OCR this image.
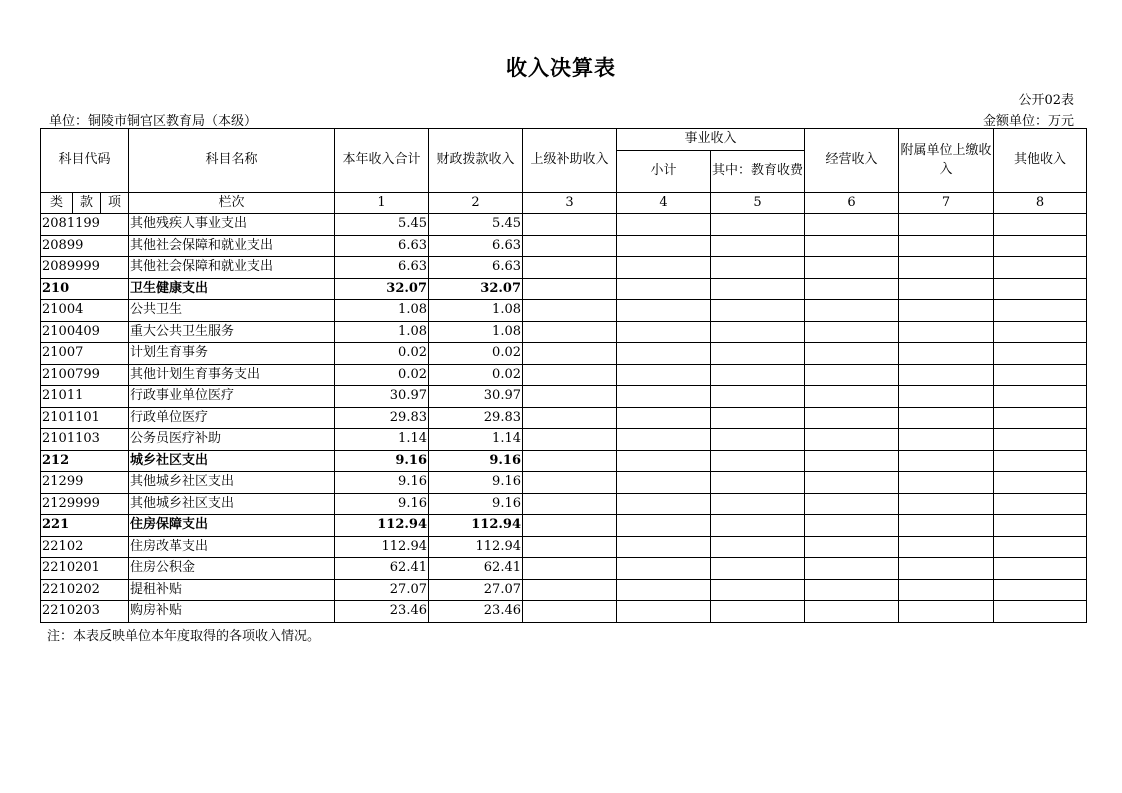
收入决算表
公开02表
单位：铜陵市铜官区教育局（本级）	金额单位：万元
科目代码			科目名称	本年收入合计	财政拨款收入	上级补助收入	事业收入		经营收入	附属单位上缴收入	其他收入
							小计	其中：教育收费			
类	款	项	栏次	1	2	3	4	5	6	7	8
2081199			其他残疾人事业支出	5.45	5.45						
20899			其他社会保障和就业支出	6.63	6.63						
2089999			其他社会保障和就业支出	6.63	6.63						
210			卫生健康支出	32.07	32.07						
21004			公共卫生	1.08	1.08						
2100409			重大公共卫生服务	1.08	1.08						
21007			计划生育事务	0.02	0.02						
2100799			其他计划生育事务支出	0.02	0.02						
21011			行政事业单位医疗	30.97	30.97						
2101101			行政单位医疗	29.83	29.83						
2101103			公务员医疗补助	1.14	1.14						
212			城乡社区支出	9.16	9.16						
21299			其他城乡社区支出	9.16	9.16						
2129999			其他城乡社区支出	9.16	9.16						
221			住房保障支出	112.94	112.94						
22102			住房改革支出	112.94	112.94						
2210201			住房公积金	62.41	62.41						
2210202			提租补贴	27.07	27.07						
2210203			购房补贴	23.46	23.46						
注：本表反映单位本年度取得的各项收入情况。
